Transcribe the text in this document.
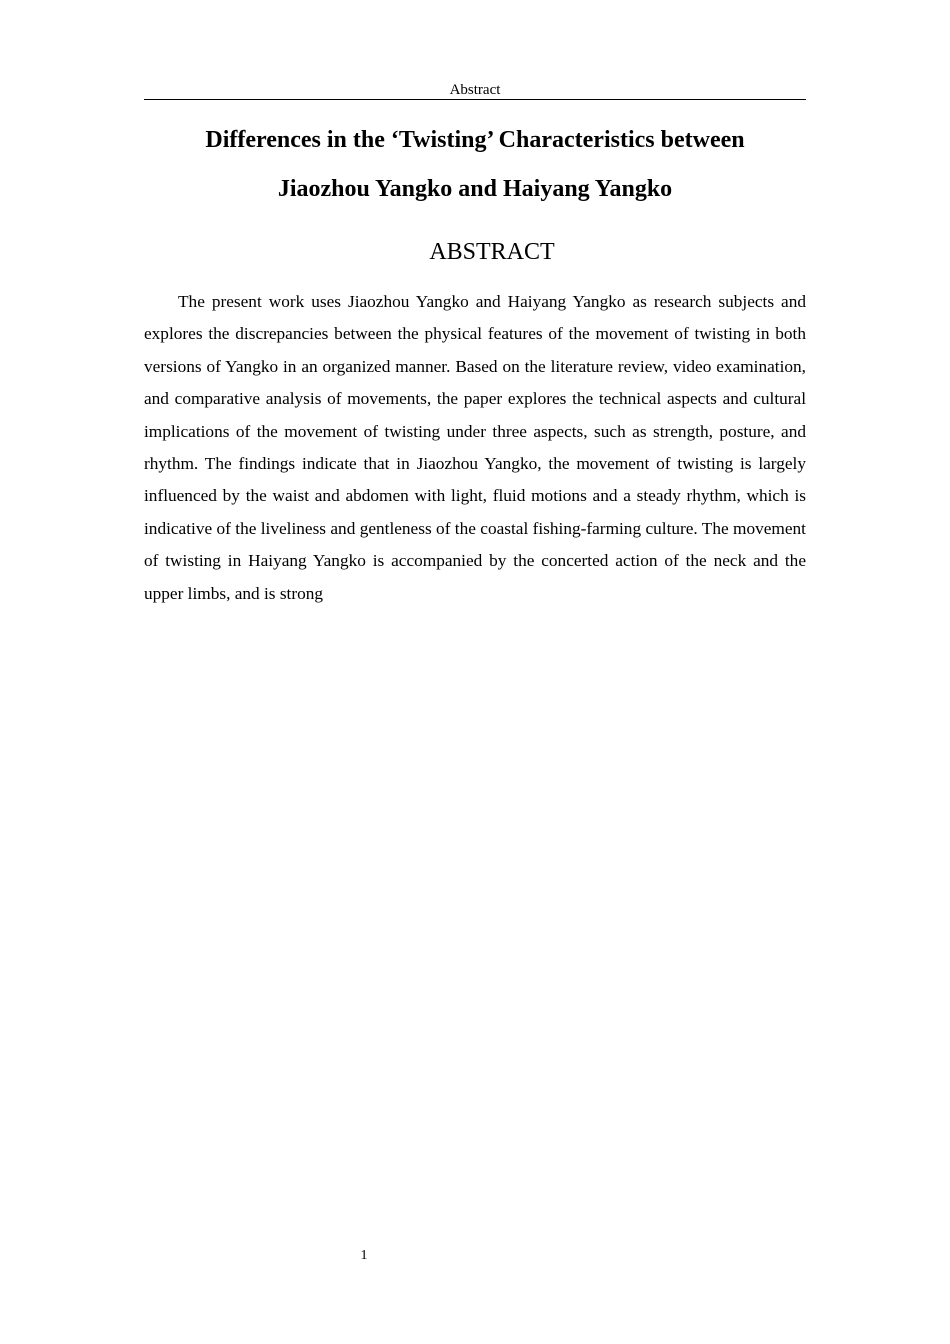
Abstract
Differences in the ‘Twisting’ Characteristics between
Jiaozhou Yangko and Haiyang Yangko
ABSTRACT

The present work uses Jiaozhou Yangko and Haiyang Yangko as research subjects and explores the discrepancies between the physical features of the movement of twisting in both versions of Yangko in an organized manner. Based on the literature review, video examination, and comparative analysis of movements, the paper explores the technical aspects and cultural implications of the movement of twisting under three aspects, such as strength, posture, and rhythm. The findings indicate that in Jiaozhou Yangko, the movement of twisting is largely influenced by the waist and abdomen with light, fluid motions and a steady rhythm, which is indicative of the liveliness and gentleness of the coastal fishing-farming culture. The movement of twisting in Haiyang Yangko is accompanied by the concerted action of the neck and the upper limbs, and is strong

1
